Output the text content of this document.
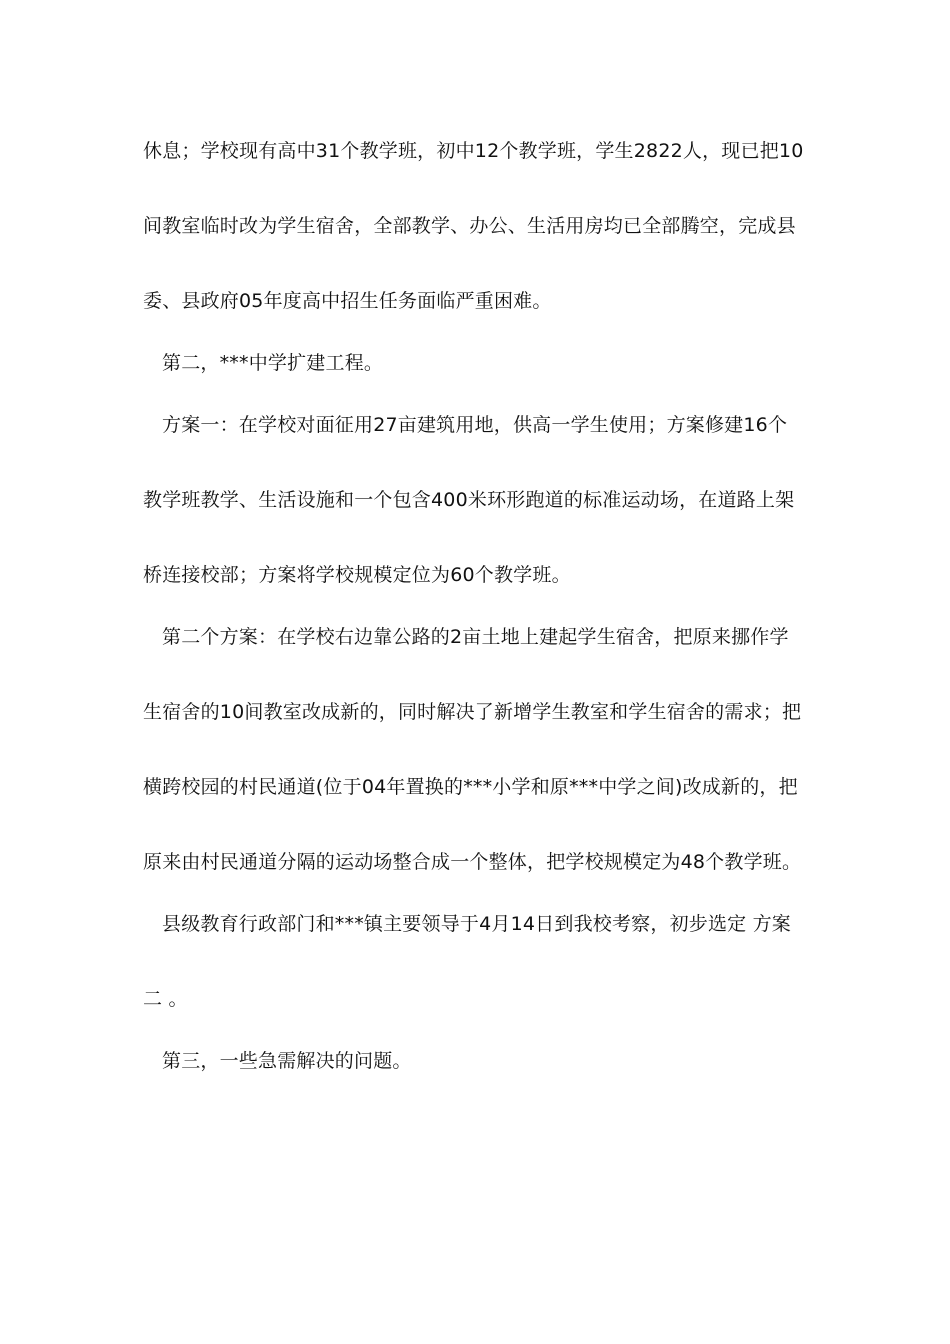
休息；学校现有高中31个教学班，初中12个教学班，学生2822人，现已把10
间教室临时改为学生宿舍，全部教学、办公、生活用房均已全部腾空，完成县
委、县政府05年度高中招生任务面临严重困难。
第二，***中学扩建工程。
方案一：在学校对面征用27亩建筑用地，供高一学生使用；方案修建16个
教学班教学、生活设施和一个包含400米环形跑道的标准运动场，在道路上架
桥连接校部；方案将学校规模定位为60个教学班。
第二个方案：在学校右边靠公路的2亩土地上建起学生宿舍，把原来挪作学
生宿舍的10间教室改成新的，同时解决了新增学生教室和学生宿舍的需求；把
横跨校园的村民通道(位于04年置换的***小学和原***中学之间)改成新的，把
原来由村民通道分隔的运动场整合成一个整体，把学校规模定为48个教学班。
县级教育行政部门和***镇主要领导于4月14日到我校考察，初步选定 方案
二 。
第三，一些急需解决的问题。
